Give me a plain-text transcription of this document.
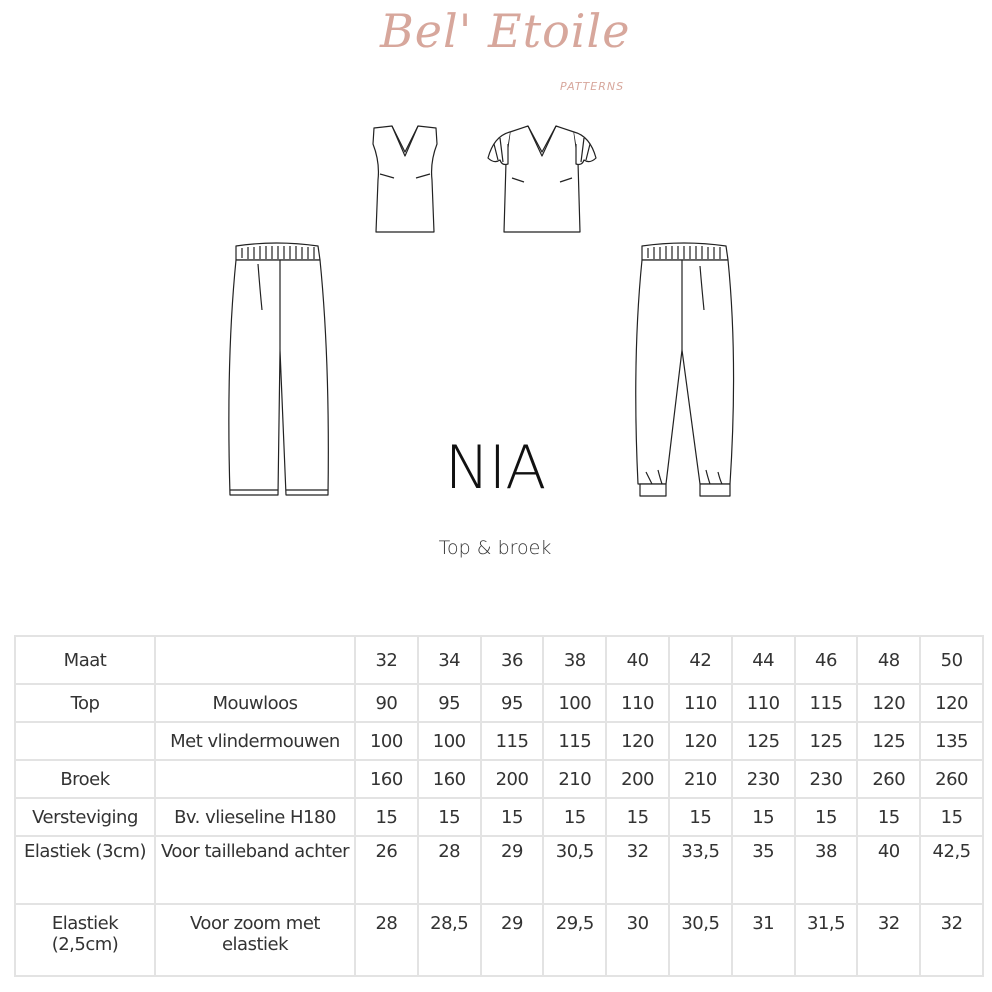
Bel' Etoile
PATTERNS
NIA
Top & broek
Maat		32	34	36	38	40	42	44	46	48	50
Top	Mouwloos	90	95	95	100	110	110	110	115	120	120
	Met vlindermouwen	100	100	115	115	120	120	125	125	125	135
Broek		160	160	200	210	200	210	230	230	260	260
Versteviging	Bv. vlieseline H180	15	15	15	15	15	15	15	15	15	15
Elastiek (3cm)	Voor tailleband achter	26	28	29	30,5	32	33,5	35	38	40	42,5
Elastiek (2,5cm)	Voor zoom met elastiek	28	28,5	29	29,5	30	30,5	31	31,5	32	32
